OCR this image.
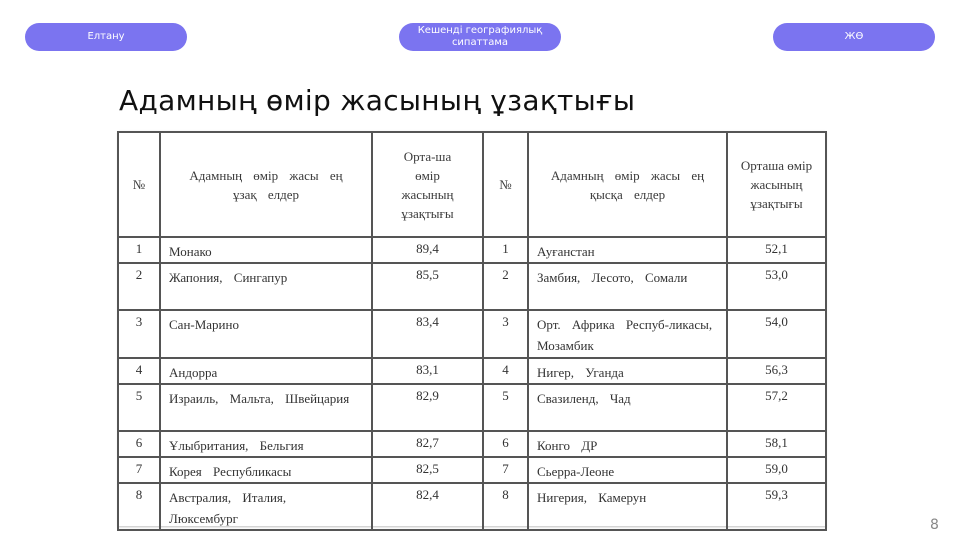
Елтану
Кешенді географиялық сипаттама
ЖӨ
Адамның өмір жасының ұзақтығы
№	Адамның өмір жасы ең ұзақ елдер	Орта-ша өмір жасының ұзақтығы	№	Адамның өмір жасы ең қысқа елдер	Орташа өмір жасының ұзақтығы
1	Монако	89,4	1	Ауғанстан	52,1
2	Жапония, Сингапур	85,5	2	Замбия, Лесото, Сомали	53,0
3	Сан-Марино	83,4	3	Орт. Африка Респуб-ликасы, Мозамбик	54,0
4	Андорра	83,1	4	Нигер, Уганда	56,3
5	Израиль, Мальта, Швейцария	82,9	5	Свазиленд, Чад	57,2
6	Ұлыбритания, Бельгия	82,7	6	Конго ДР	58,1
7	Корея Республикасы	82,5	7	Сьерра-Леоне	59,0
8	Австралия, Италия, Люксембург	82,4	8	Нигерия, Камерун	59,3
8
